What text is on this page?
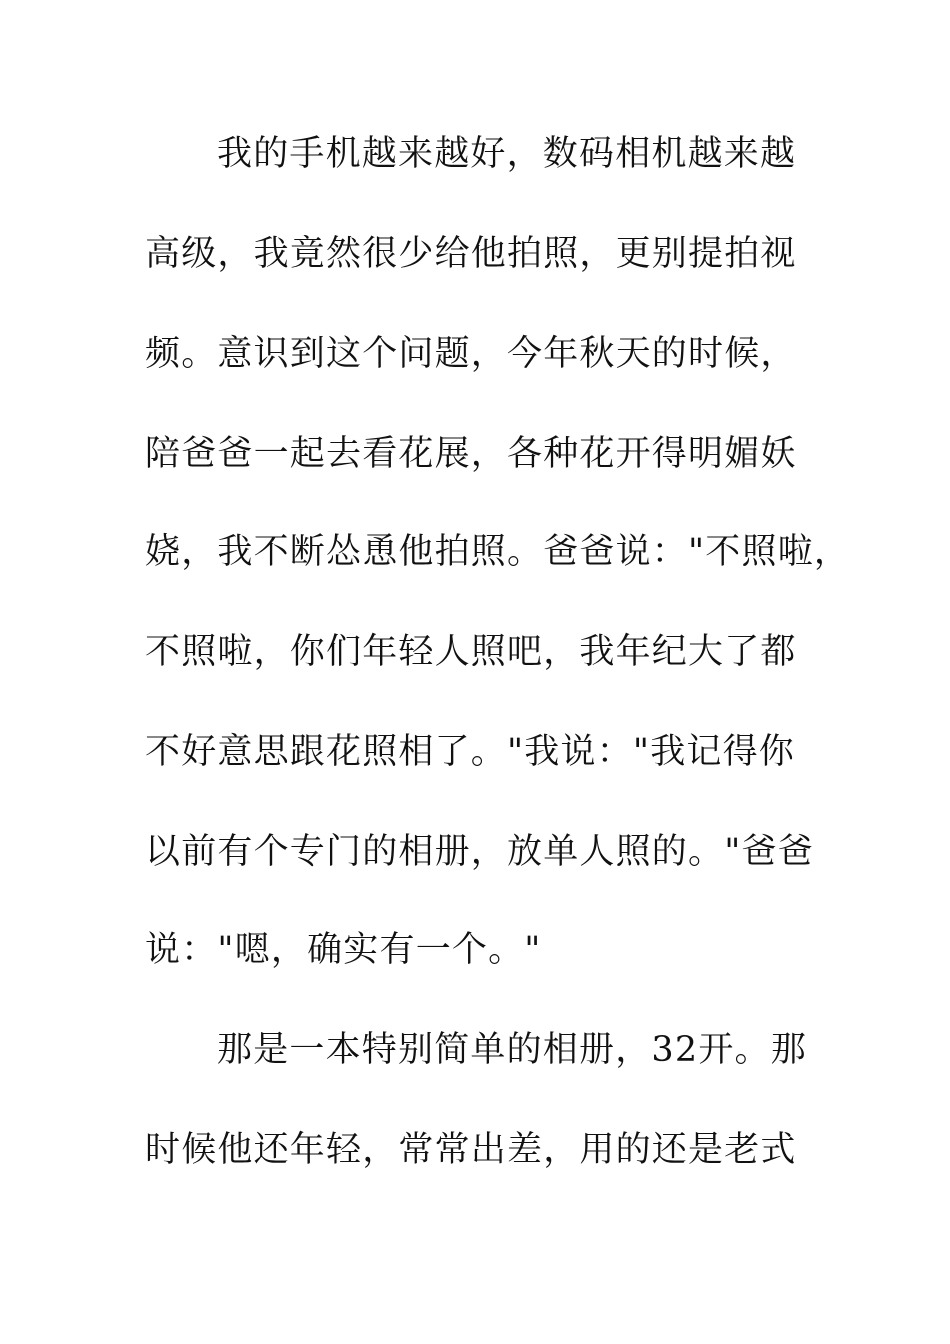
我的手机越来越好，数码相机越来越
高级，我竟然很少给他拍照，更别提拍视
频。意识到这个问题，今年秋天的时候，
陪爸爸一起去看花展，各种花开得明媚妖
娆，我不断怂恿他拍照。爸爸说："不照啦，
不照啦，你们年轻人照吧，我年纪大了都
不好意思跟花照相了。"我说："我记得你
以前有个专门的相册，放单人照的。"爸爸
说："嗯，确实有一个。"
那是一本特别简单的相册，32开。那
时候他还年轻，常常出差，用的还是老式
